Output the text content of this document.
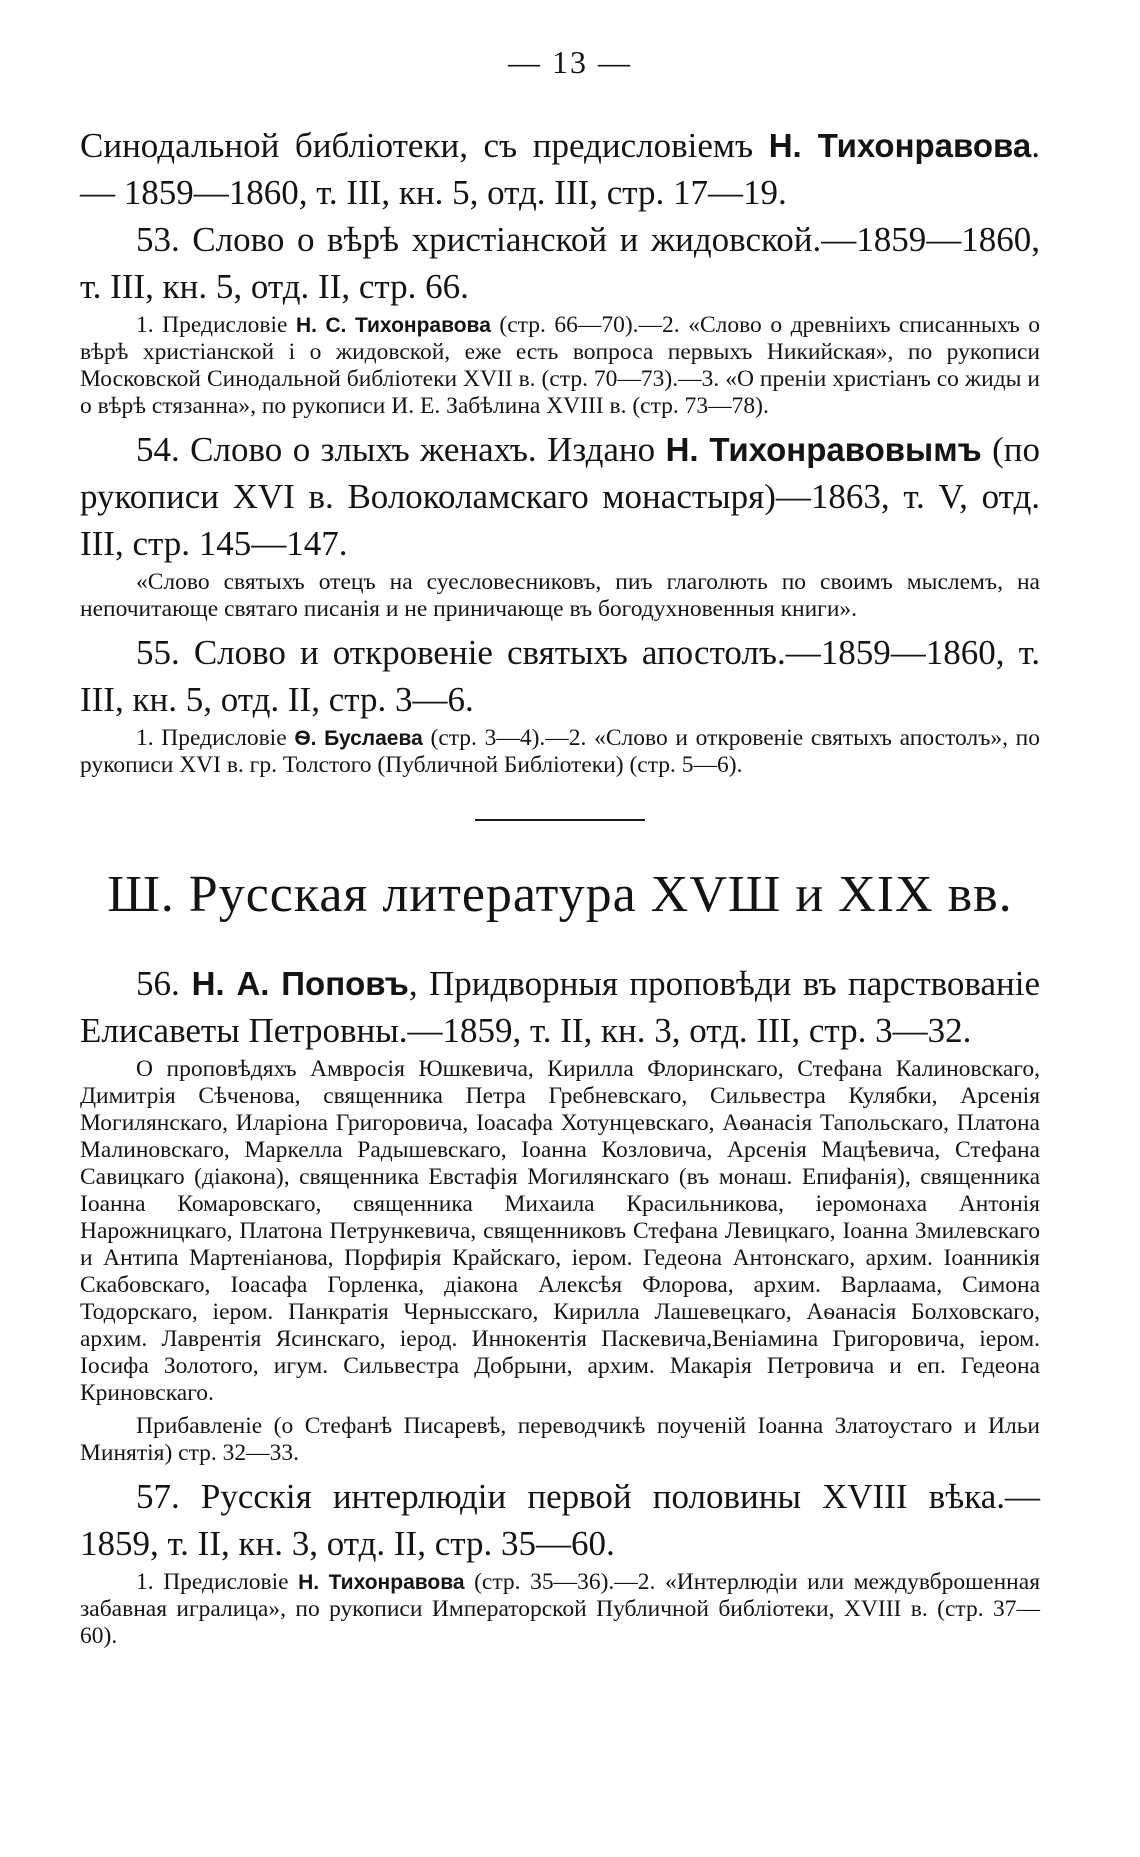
— 13 —

Синодальной библіотеки, съ предисловіемъ Н. Тихонравова.— 1859—1860, т. III, кн. 5, отд. III, стр. 17—19.

53. Слово о вѣрѣ христіанской и жидовской.—1859—1860, т. III, кн. 5, отд. II, стр. 66.

1. Предисловіе Н. С. Тихонравова (стр. 66—70).—2. «Слово о древніихъ списанныхъ о вѣрѣ христіанской і о жидовской, еже есть вопроса первыхъ Никийская», по рукописи Московской Синодальной библіотеки XVII в. (стр. 70—73).—3. «О преніи христіанъ со жиды и о вѣрѣ стязанна», по рукописи И. Е. Забѣлина XVIII в. (стр. 73—78).

54. Слово о злыхъ женахъ. Издано Н. Тихонравовымъ (по рукописи XVI в. Волоколамскаго монастыря)—1863, т. V, отд. III, стр. 145—147.

«Слово святыхъ отецъ на суесловесниковъ, пиъ глаголють по своимъ мыслемъ, на непочитающе святаго писанія и не приничающе въ богодухновенныя книги».

55. Слово и откровеніе святыхъ апостолъ.—1859—1860, т. III, кн. 5, отд. II, стр. 3—6.

1. Предисловіе Ѳ. Буслаева (стр. 3—4).—2. «Слово и откровеніе святыхъ апостолъ», по рукописи XVI в. гр. Толстого (Публичной Библіотеки) (стр. 5—6).

Ш. Русская литература XVШ и XIX вв.

56. Н. А. Поповъ, Придворныя проповѣди въ парствованіе Елисаветы Петровны.—1859, т. II, кн. 3, отд. III, стр. 3—32.

О проповѣдяхъ Амвросія Юшкевича, Кирилла Флоринскаго, Стефана Калиновскаго, Димитрія Сѣченова, священника Петра Гребневскаго, Сильвестра Кулябки, Арсенія Могилянскаго, Иларіона Григоровича, Іоасафа Хотунцевскаго, Аѳанасія Тапольскаго, Платона Малиновскаго, Маркелла Радышевскаго, Іоанна Козловича, Арсенія Мацѣевича, Стефана Савицкаго (діакона), священника Евстафія Могилянскаго (въ монаш. Епифанія), священника Іоанна Комаровскаго, священника Михаила Красильникова, іеромонаха Антонія Нарожницкаго, Платона Петрункевича, священниковъ Стефана Левицкаго, Іоанна Змилевскаго и Антипа Мартеніанова, Порфирія Крайскаго, іером. Гедеона Антонскаго, архим. Іоанникія Скабовскаго, Іоасафа Горленка, діакона Алексѣя Флорова, архим. Варлаама, Симона Тодорскаго, іером. Панкратія Чернысскаго, Кирилла Лашевецкаго, Аѳанасія Болховскаго, архим. Лаврентія Ясинскаго, іерод. Иннокентія Паскевича,Веніамина Григоровича, іером. Іосифа Золотого, игум. Сильвестра Добрыни, архим. Макарія Петровича и еп. Гедеона Криновскаго.

Прибавленіе (о Стефанѣ Писаревѣ, переводчикѣ поученій Іоанна Златоустаго и Ильи Минятія) стр. 32—33.

57. Русскія интерлюдіи первой половины XVIII вѣка.—1859, т. II, кн. 3, отд. II, стр. 35—60.

1. Предисловіе Н. Тихонравова (стр. 35—36).—2. «Интерлюдіи или междувброшенная забавная игралица», по рукописи Императорской Публичной библіотеки, XVIII в. (стр. 37—60).
